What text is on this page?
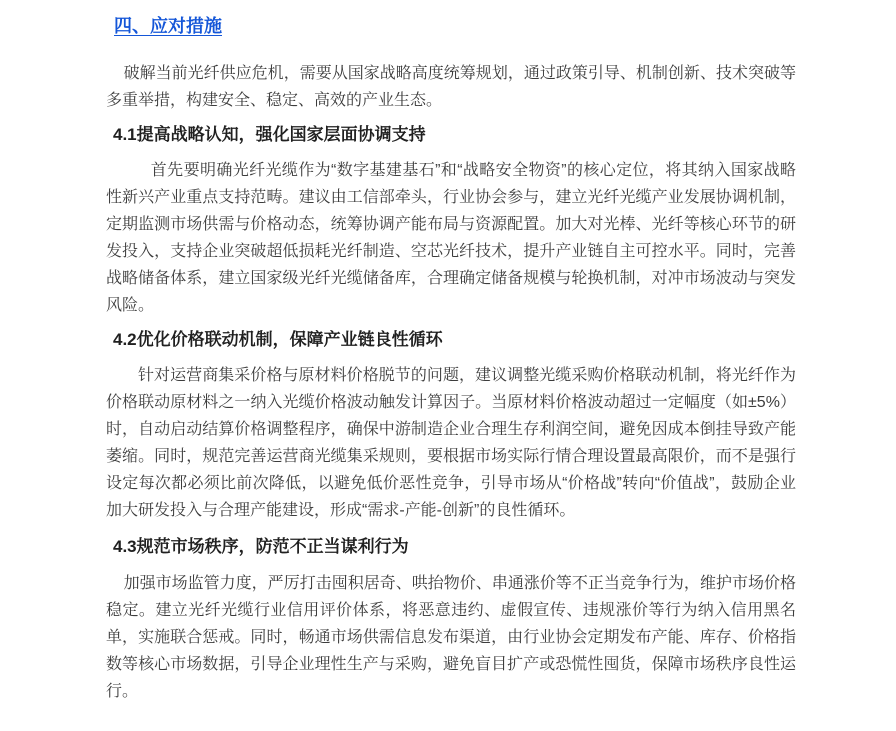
四、应对措施

破解当前光纤供应危机，需要从国家战略高度统筹规划，通过政策引导、机制创新、技术突破等多重举措，构建安全、稳定、高效的产业生态。

4.1提高战略认知，强化国家层面协调支持

首先要明确光纤光缆作为“数字基建基石”和“战略安全物资”的核心定位，将其纳入国家战略性新兴产业重点支持范畴。建议由工信部牵头，行业协会参与，建立光纤光缆产业发展协调机制，定期监测市场供需与价格动态，统筹协调产能布局与资源配置。加大对光棒、光纤等核心环节的研发投入，支持企业突破超低损耗光纤制造、空芯光纤技术，提升产业链自主可控水平。同时，完善战略储备体系，建立国家级光纤光缆储备库，合理确定储备规模与轮换机制，对冲市场波动与突发风险。

4.2优化价格联动机制，保障产业链良性循环

针对运营商集采价格与原材料价格脱节的问题，建议调整光缆采购价格联动机制，将光纤作为价格联动原材料之一纳入光缆价格波动触发计算因子。当原材料价格波动超过一定幅度（如±5%）时，自动启动结算价格调整程序，确保中游制造企业合理生存利润空间，避免因成本倒挂导致产能萎缩。同时，规范完善运营商光缆集采规则，要根据市场实际行情合理设置最高限价，而不是强行设定每次都必须比前次降低，以避免低价恶性竞争，引导市场从“价格战”转向“价值战”，鼓励企业加大研发投入与合理产能建设，形成“需求-产能-创新”的良性循环。

4.3规范市场秩序，防范不正当谋利行为

加强市场监管力度，严厉打击囤积居奇、哄抬物价、串通涨价等不正当竞争行为，维护市场价格稳定。建立光纤光缆行业信用评价体系，将恶意违约、虚假宣传、违规涨价等行为纳入信用黑名单，实施联合惩戒。同时，畅通市场供需信息发布渠道，由行业协会定期发布产能、库存、价格指数等核心市场数据，引导企业理性生产与采购，避免盲目扩产或恐慌性囤货，保障市场秩序良性运行。
